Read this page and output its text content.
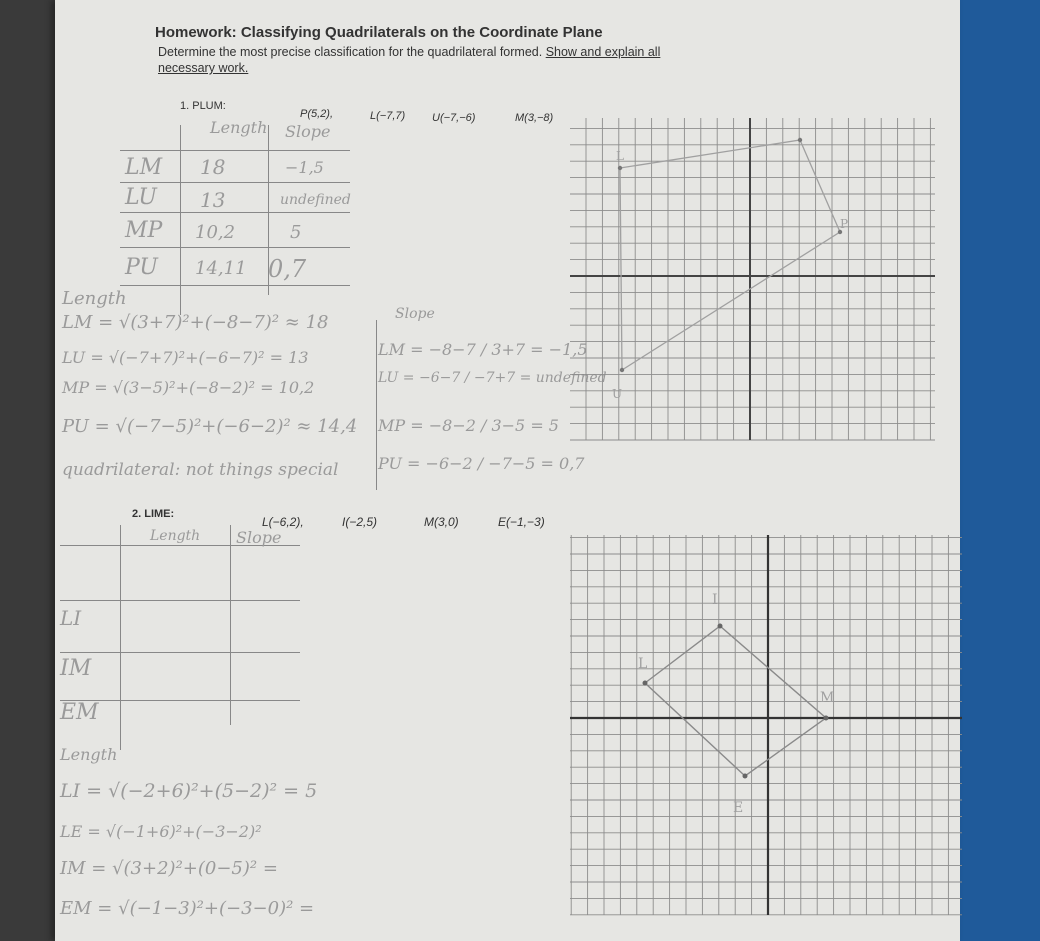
Homework: Classifying Quadrilaterals on the Coordinate Plane
Determine the most precise classification for the quadrilateral formed. Show and explain all
necessary work.
1. PLUM:
P(5,2),	L(−7,7) U(−7,−6)	M(3,−8)
Length Slope
LM 18	−1,5
LU 13	undefined
MP 10,2	5
PU 14,11 0,7
Length
LM = √(3+7)²+(−8−7)² ≈ 18
LU = √(−7+7)²+(−6−7)² = 13
MP = √(3−5)²+(−8−2)² = 10,2
PU = √(−7−5)²+(−6−2)² ≈ 14,4
Slope
LM = −8−7 / 3+7 = −1,5
LU = −6−7 / −7+7 = undefined
MP = −8−2 / 3−5 = 5
PU = −6−2 / −7−5 = 0,7
quadrilateral: not things special
L
P
U
2. LIME:
L(−6,2),	I(−2,5)	M(3,0)	E(−1,−3)
Length Slope
LI
IM
EM
Length
LI = √(−2+6)²+(5−2)² = 5
LE = √(−1+6)²+(−3−2)²
IM = √(3+2)²+(0−5)² =
EM = √(−1−3)²+(−3−0)² =
I
L
M
E
